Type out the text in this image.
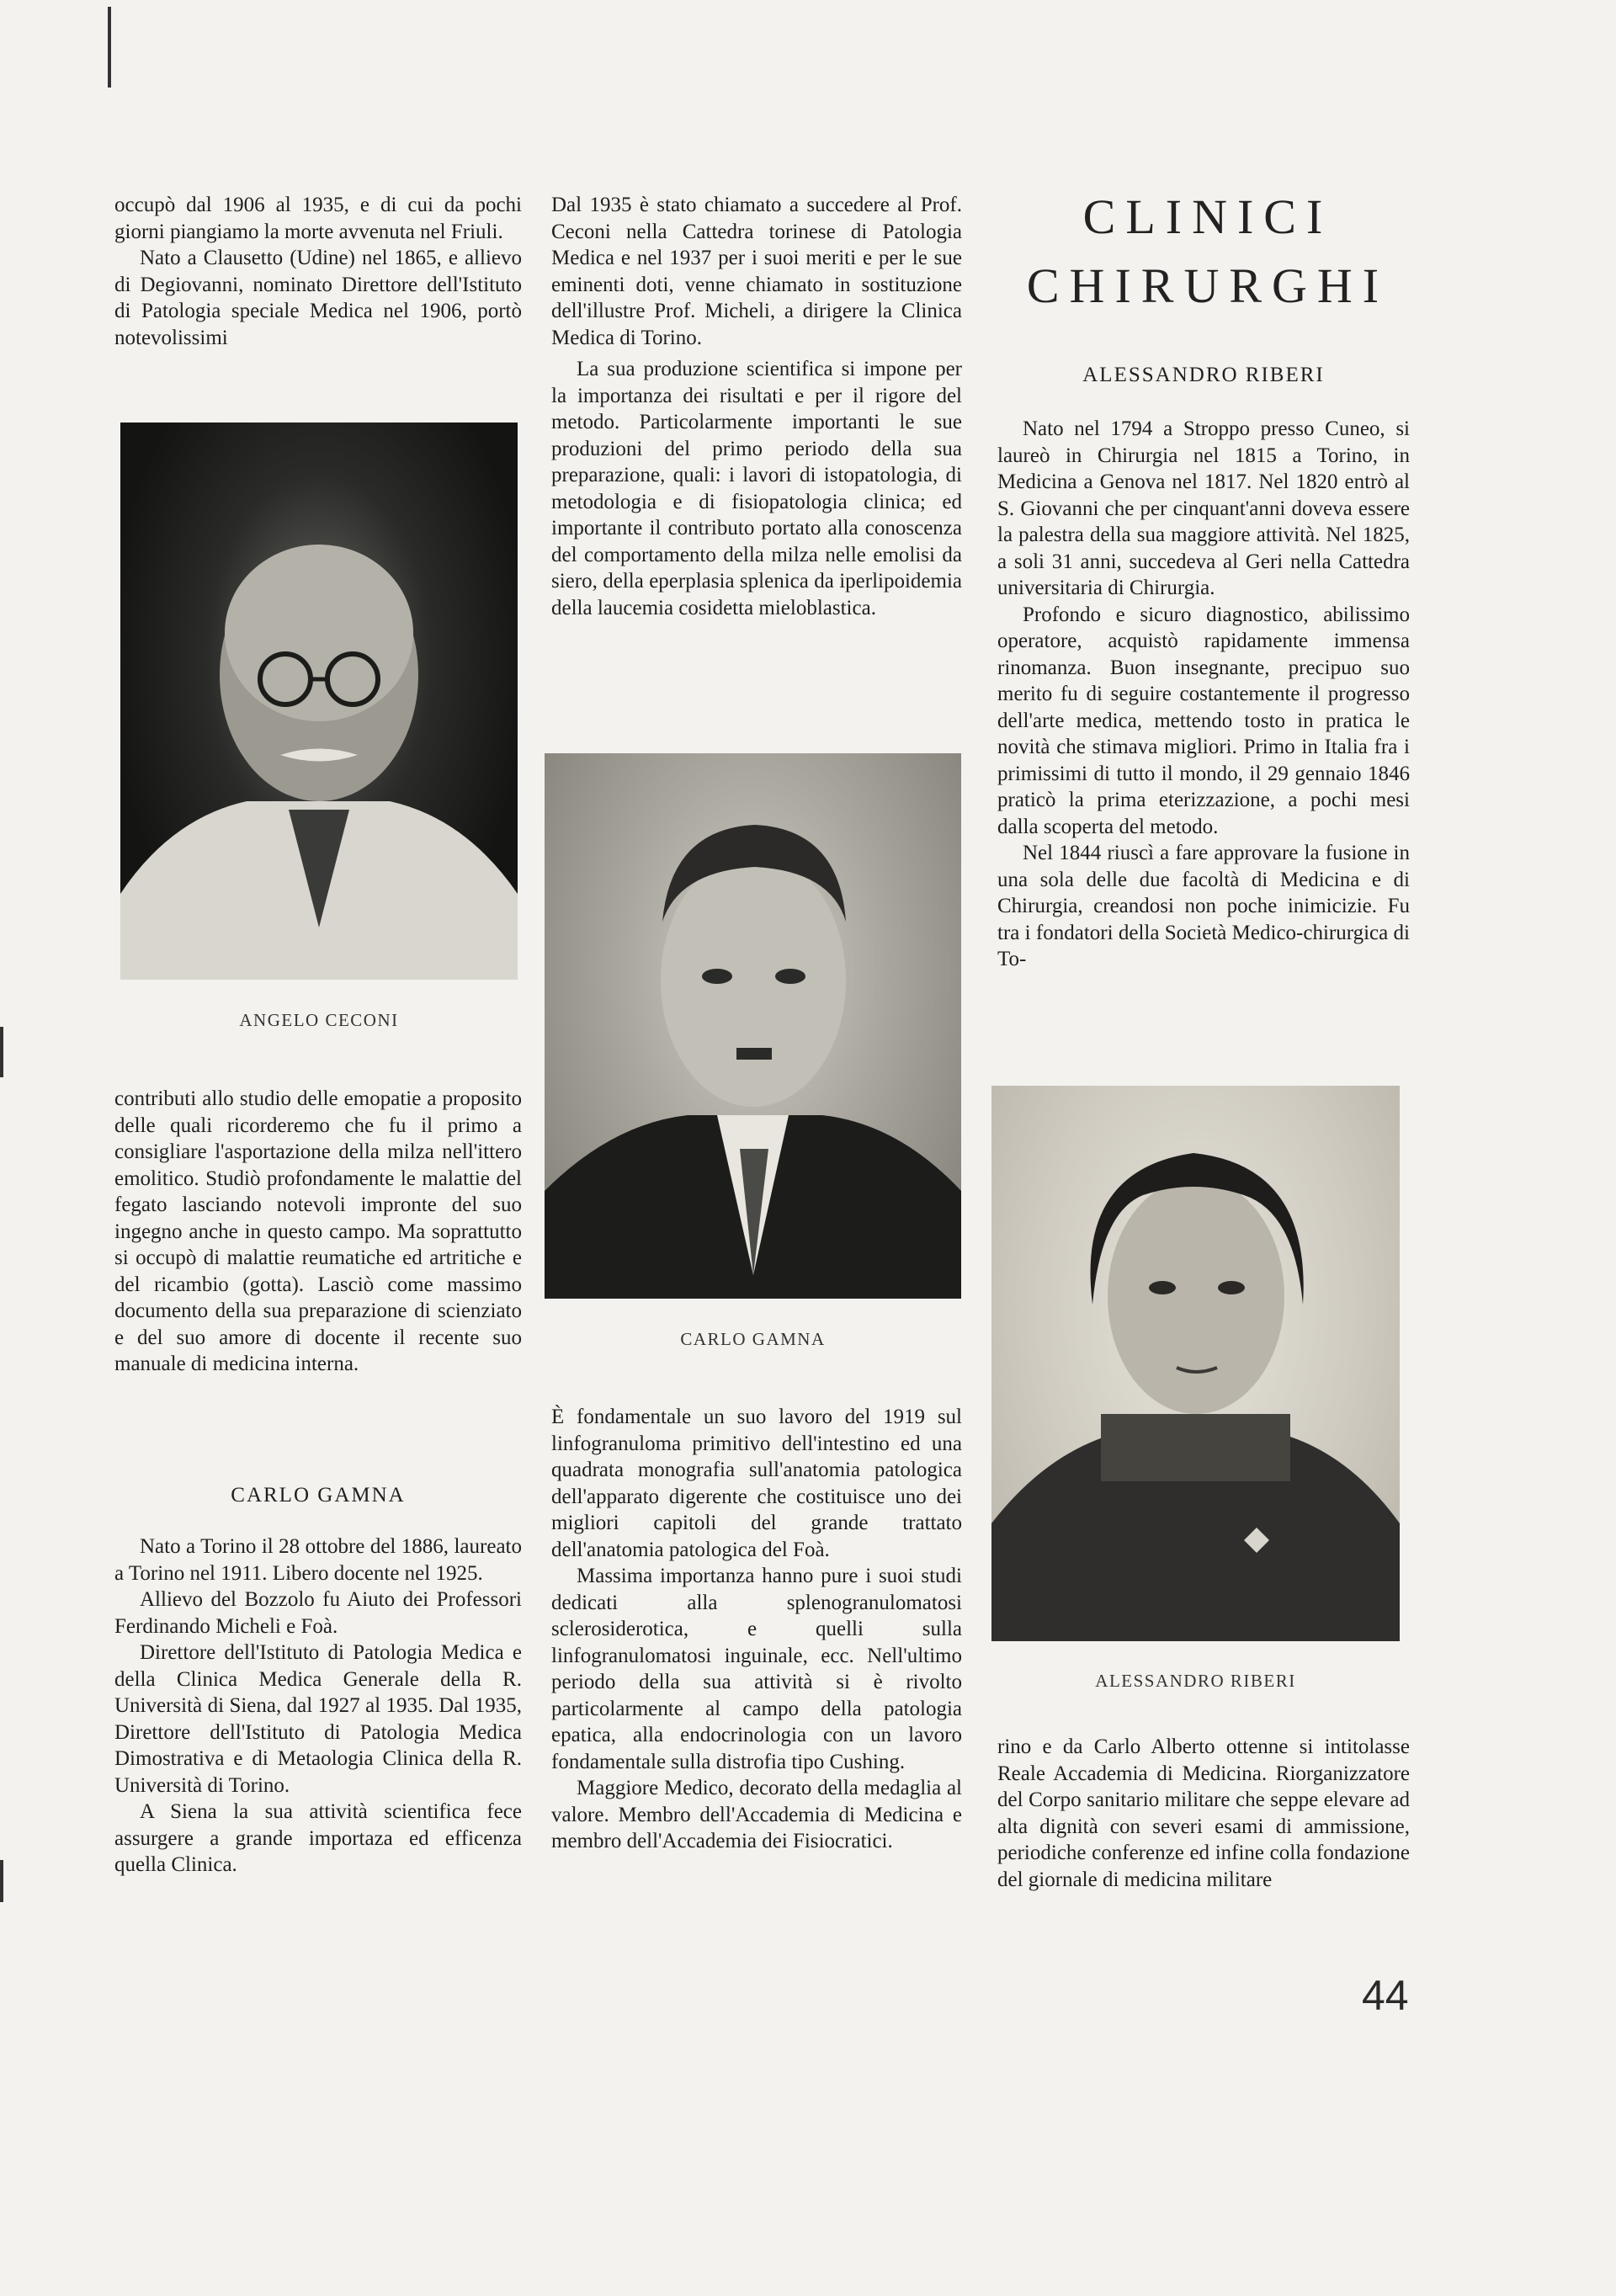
occupò dal 1906 al 1935, e di cui da pochi giorni piangiamo la morte avvenuta nel Friuli.

Nato a Clausetto (Udine) nel 1865, e allievo di Degiovanni, nominato Direttore dell'Istituto di Patologia speciale Medica nel 1906, portò notevolissimi

ANGELO CECONI

contributi allo studio delle emopatie a proposito delle quali ricorderemo che fu il primo a consigliare l'asportazione della milza nell'ittero emolitico. Studiò profondamente le malattie del fegato lasciando notevoli impronte del suo ingegno anche in questo campo. Ma soprattutto si occupò di malattie reumatiche ed artritiche e del ricambio (gotta). Lasciò come massimo documento della sua preparazione di scienziato e del suo amore di docente il recente suo manuale di medicina interna.

CARLO GAMNA

Nato a Torino il 28 ottobre del 1886, laureato a Torino nel 1911. Libero docente nel 1925.

Allievo del Bozzolo fu Aiuto dei Professori Ferdinando Micheli e Foà.

Direttore dell'Istituto di Patologia Medica e della Clinica Medica Generale della R. Università di Siena, dal 1927 al 1935. Dal 1935, Direttore dell'Istituto di Patologia Medica Dimostrativa e di Metaologia Clinica della R. Università di Torino.

A Siena la sua attività scientifica fece assurgere a grande importaza ed efficenza quella Clinica.

Dal 1935 è stato chiamato a succedere al Prof. Ceconi nella Cattedra torinese di Patologia Medica e nel 1937 per i suoi meriti e per le sue eminenti doti, venne chiamato in sostituzione dell'illustre Prof. Micheli, a dirigere la Clinica Medica di Torino.

La sua produzione scientifica si impone per la importanza dei risultati e per il rigore del metodo. Particolarmente importanti le sue produzioni del primo periodo della sua preparazione, quali: i lavori di istopatologia, di metodologia e di fisiopatologia clinica; ed importante il contributo portato alla conoscenza del comportamento della milza nelle emolisi da siero, della eperplasia splenica da iperlipoidemia della laucemia cosidetta mieloblastica.

CARLO GAMNA

È fondamentale un suo lavoro del 1919 sul linfogranuloma primitivo dell'intestino ed una quadrata monografia sull'anatomia patologica dell'apparato digerente che costituisce uno dei migliori capitoli del grande trattato dell'anatomia patologica del Foà.

Massima importanza hanno pure i suoi studi dedicati alla splenogranulomatosi sclerosiderotica, e quelli sulla linfogranulomatosi inguinale, ecc. Nell'ultimo periodo della sua attività si è rivolto particolarmente al campo della patologia epatica, alla endocrinologia con un lavoro fondamentale sulla distrofia tipo Cushing.

Maggiore Medico, decorato della medaglia al valore. Membro dell'Accademia di Medicina e membro dell'Accademia dei Fisiocratici.

CLINICI
CHIRURGHI
ALESSANDRO RIBERI

Nato nel 1794 a Stroppo presso Cuneo, si laureò in Chirurgia nel 1815 a Torino, in Medicina a Genova nel 1817. Nel 1820 entrò al S. Giovanni che per cinquant'anni doveva essere la palestra della sua maggiore attività. Nel 1825, a soli 31 anni, succedeva al Geri nella Cattedra universitaria di Chirurgia.

Profondo e sicuro diagnostico, abilissimo operatore, acquistò rapidamente immensa rinomanza. Buon insegnante, precipuo suo merito fu di seguire costantemente il progresso dell'arte medica, mettendo tosto in pratica le novità che stimava migliori. Primo in Italia fra i primissimi di tutto il mondo, il 29 gennaio 1846 praticò la prima eterizzazione, a pochi mesi dalla scoperta del metodo.

Nel 1844 riuscì a fare approvare la fusione in una sola delle due facoltà di Medicina e di Chirurgia, creandosi non poche inimicizie. Fu tra i fondatori della Società Medico-chirurgica di To-

ALESSANDRO RIBERI

rino e da Carlo Alberto ottenne si intitolasse Reale Accademia di Medicina. Riorganizzatore del Corpo sanitario militare che seppe elevare ad alta dignità con severi esami di ammissione, periodiche conferenze ed infine colla fondazione del giornale di medicina militare

44
